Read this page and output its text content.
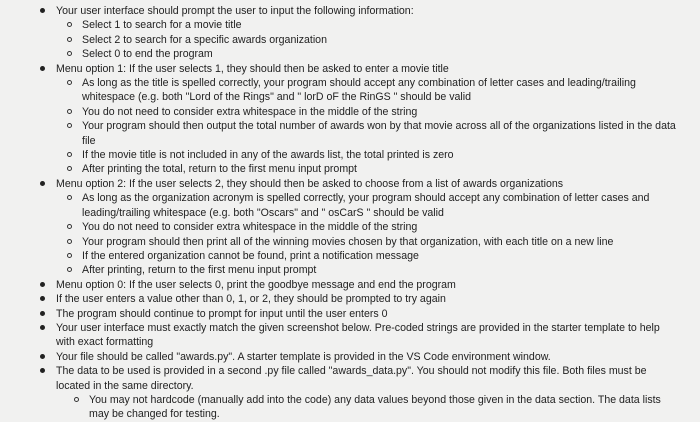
Your user interface should prompt the user to input the following information:
Select 1 to search for a movie title
Select 2 to search for a specific awards organization
Select 0 to end the program
Menu option 1: If the user selects 1, they should then be asked to enter a movie title
As long as the title is spelled correctly, your program should accept any combination of letter cases and leading/trailing whitespace (e.g. both "Lord of the Rings" and " lorD oF the RinGS " should be valid
You do not need to consider extra whitespace in the middle of the string
Your program should then output the total number of awards won by that movie across all of the organizations listed in the data file
If the movie title is not included in any of the awards list, the total printed is zero
After printing the total, return to the first menu input prompt
Menu option 2: If the user selects 2, they should then be asked to choose from a list of awards organizations
As long as the organization acronym is spelled correctly, your program should accept any combination of letter cases and leading/trailing whitespace (e.g. both "Oscars" and " osCarS " should be valid
You do not need to consider extra whitespace in the middle of the string
Your program should then print all of the winning movies chosen by that organization, with each title on a new line
If the entered organization cannot be found, print a notification message
After printing, return to the first menu input prompt
Menu option 0: If the user selects 0, print the goodbye message and end the program
If the user enters a value other than 0, 1, or 2, they should be prompted to try again
The program should continue to prompt for input until the user enters 0
Your user interface must exactly match the given screenshot below. Pre-coded strings are provided in the starter template to help with exact formatting
Your file should be called "awards.py". A starter template is provided in the VS Code environment window.
The data to be used is provided in a second .py file called "awards_data.py". You should not modify this file. Both files must be located in the same directory.
You may not hardcode (manually add into the code) any data values beyond those given in the data section. The data lists may be changed for testing.
